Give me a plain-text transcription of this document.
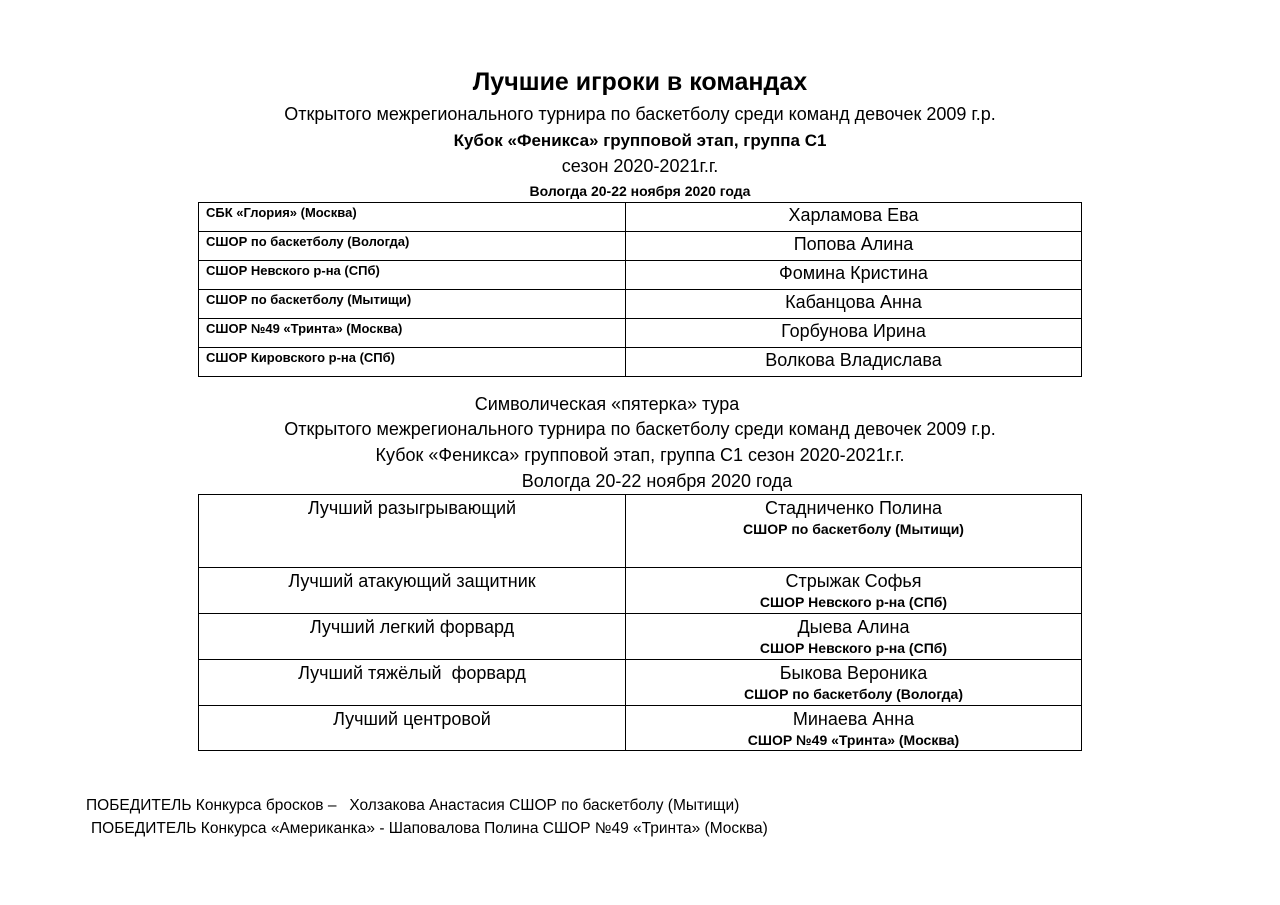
Лучшие игроки в командах
Открытого межрегионального турнира по баскетболу среди команд девочек 2009 г.р.
Кубок «Феникса» групповой этап, группа С1
сезон 2020-2021г.г.
Вологда 20-22 ноября 2020 года
СБК «Глория» (Москва)	Харламова Ева
СШОР по баскетболу (Вологда)	Попова Алина
СШОР Невского р-на (СПб)	Фомина Кристина
СШОР по баскетболу (Мытищи)	Кабанцова Анна
СШОР №49 «Тринта» (Москва)	Горбунова Ирина
СШОР Кировского р-на (СПб)	Волкова Владислава
Символическая «пятерка» тура
Открытого межрегионального турнира по баскетболу среди команд девочек 2009 г.р.
Кубок «Феникса» групповой этап, группа С1 сезон 2020-2021г.г.
Вологда 20-22 ноября 2020 года
Лучший разыгрывающий	Стадниченко Полина
СШОР по баскетболу (Мытищи)

Лучший атакующий защитник	Стрыжак Софья
СШОР Невского р-на (СПб)

Лучший легкий форвард	Дыева Алина
СШОР Невского р-на (СПб)

Лучший тяжёлый  форвард	Быкова Вероника
СШОР по баскетболу (Вологда)

Лучший центровой	Минаева Анна
СШОР №49 «Тринта» (Москва)
ПОБЕДИТЕЛЬ Конкурса бросков –   Холзакова Анастасия СШОР по баскетболу (Мытищи)
ПОБЕДИТЕЛЬ Конкурса «Американка» - Шаповалова Полина СШОР №49 «Тринта» (Москва)
